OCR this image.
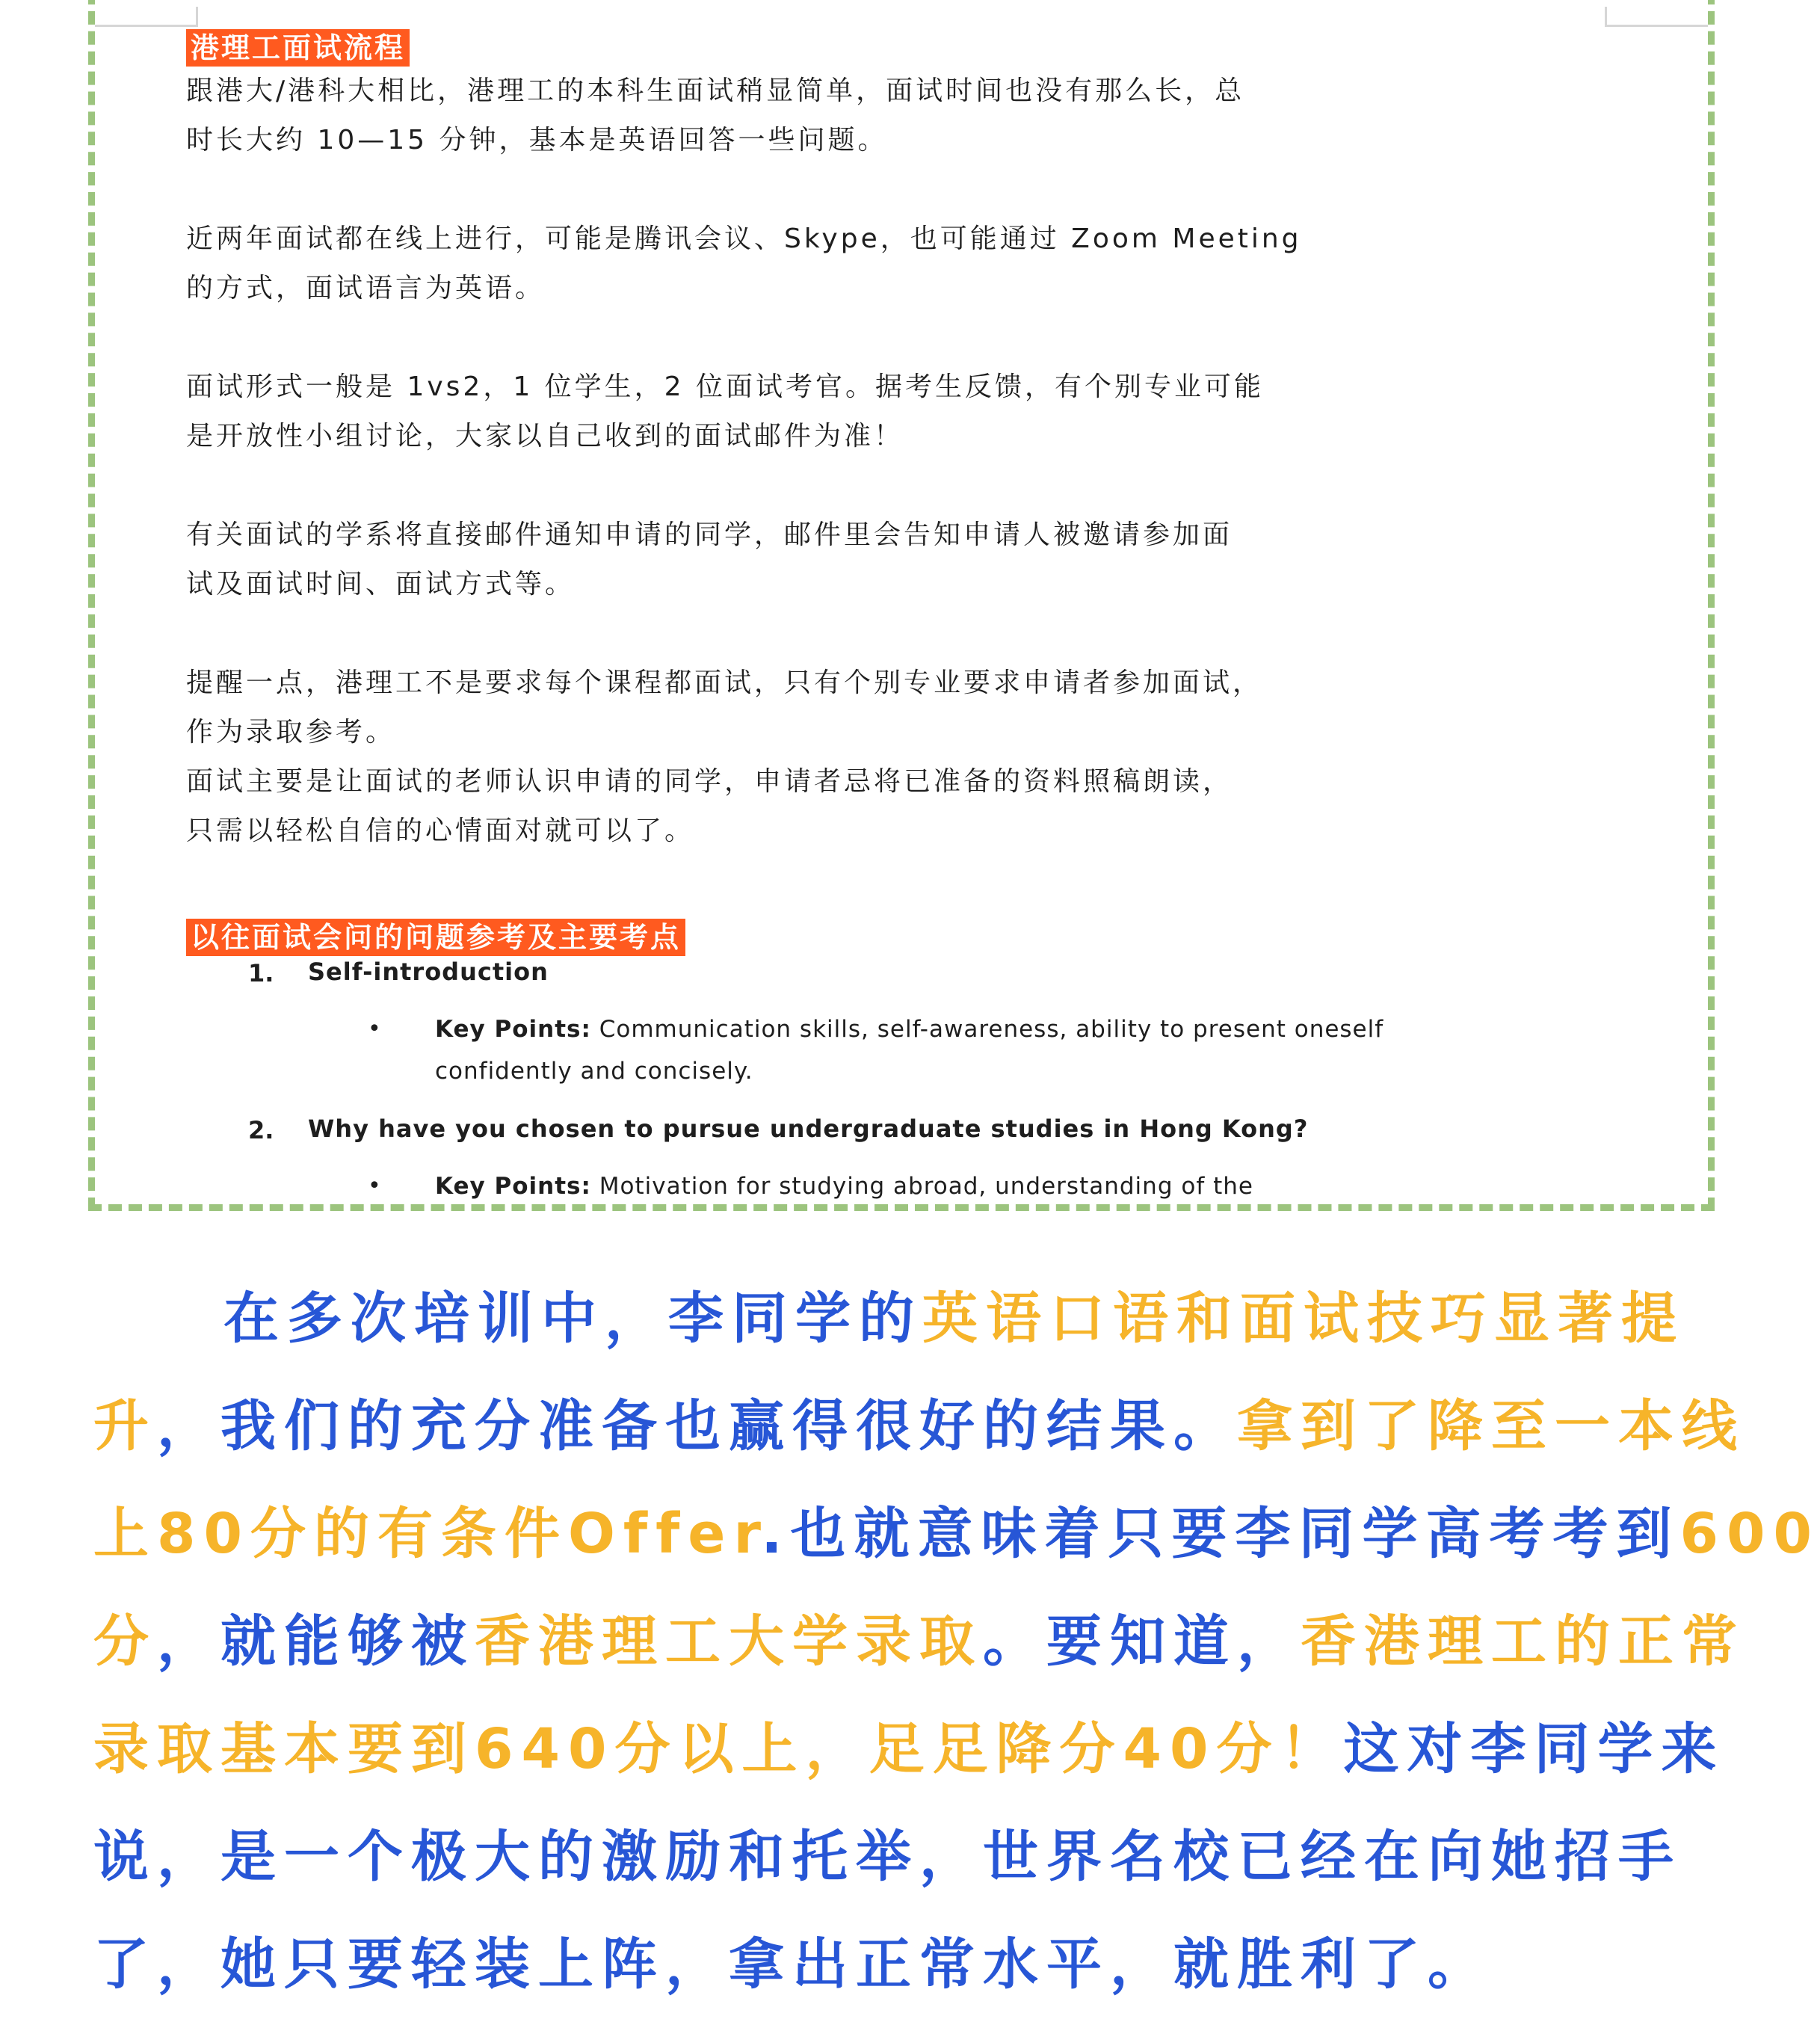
港理工面试流程

跟港大/港科大相比，港理工的本科生面试稍显简单，面试时间也没有那么长，总
时长大约 10—15 分钟，基本是英语回答一些问题。

近两年面试都在线上进行，可能是腾讯会议、Skype，也可能通过 Zoom Meeting
的方式，面试语言为英语。

面试形式一般是 1vs2，1 位学生，2 位面试考官。据考生反馈，有个别专业可能
是开放性小组讨论，大家以自己收到的面试邮件为准！

有关面试的学系将直接邮件通知申请的同学，邮件里会告知申请人被邀请参加面
试及面试时间、面试方式等。

提醒一点，港理工不是要求每个课程都面试，只有个别专业要求申请者参加面试，
作为录取参考。
面试主要是让面试的老师认识申请的同学，申请者忌将已准备的资料照稿朗读，
只需以轻松自信的心情面对就可以了。

以往面试会问的问题参考及主要考点
1. Self-introduction
• Key Points: Communication skills, self-awareness, ability to present oneself
confidently and concisely.
2. Why have you chosen to pursue undergraduate studies in Hong Kong?
• Key Points: Motivation for studying abroad, understanding of the

在多次培训中，李同学的英语口语和面试技巧显著提
升，我们的充分准备也赢得很好的结果。拿到了降至一本线
上80分的有条件Offer.也就意味着只要李同学高考考到600
分，就能够被香港理工大学录取。要知道，香港理工的正常
录取基本要到640分以上，足足降分40分！这对李同学来
说，是一个极大的激励和托举，世界名校已经在向她招手
了，她只要轻装上阵，拿出正常水平，就胜利了。
